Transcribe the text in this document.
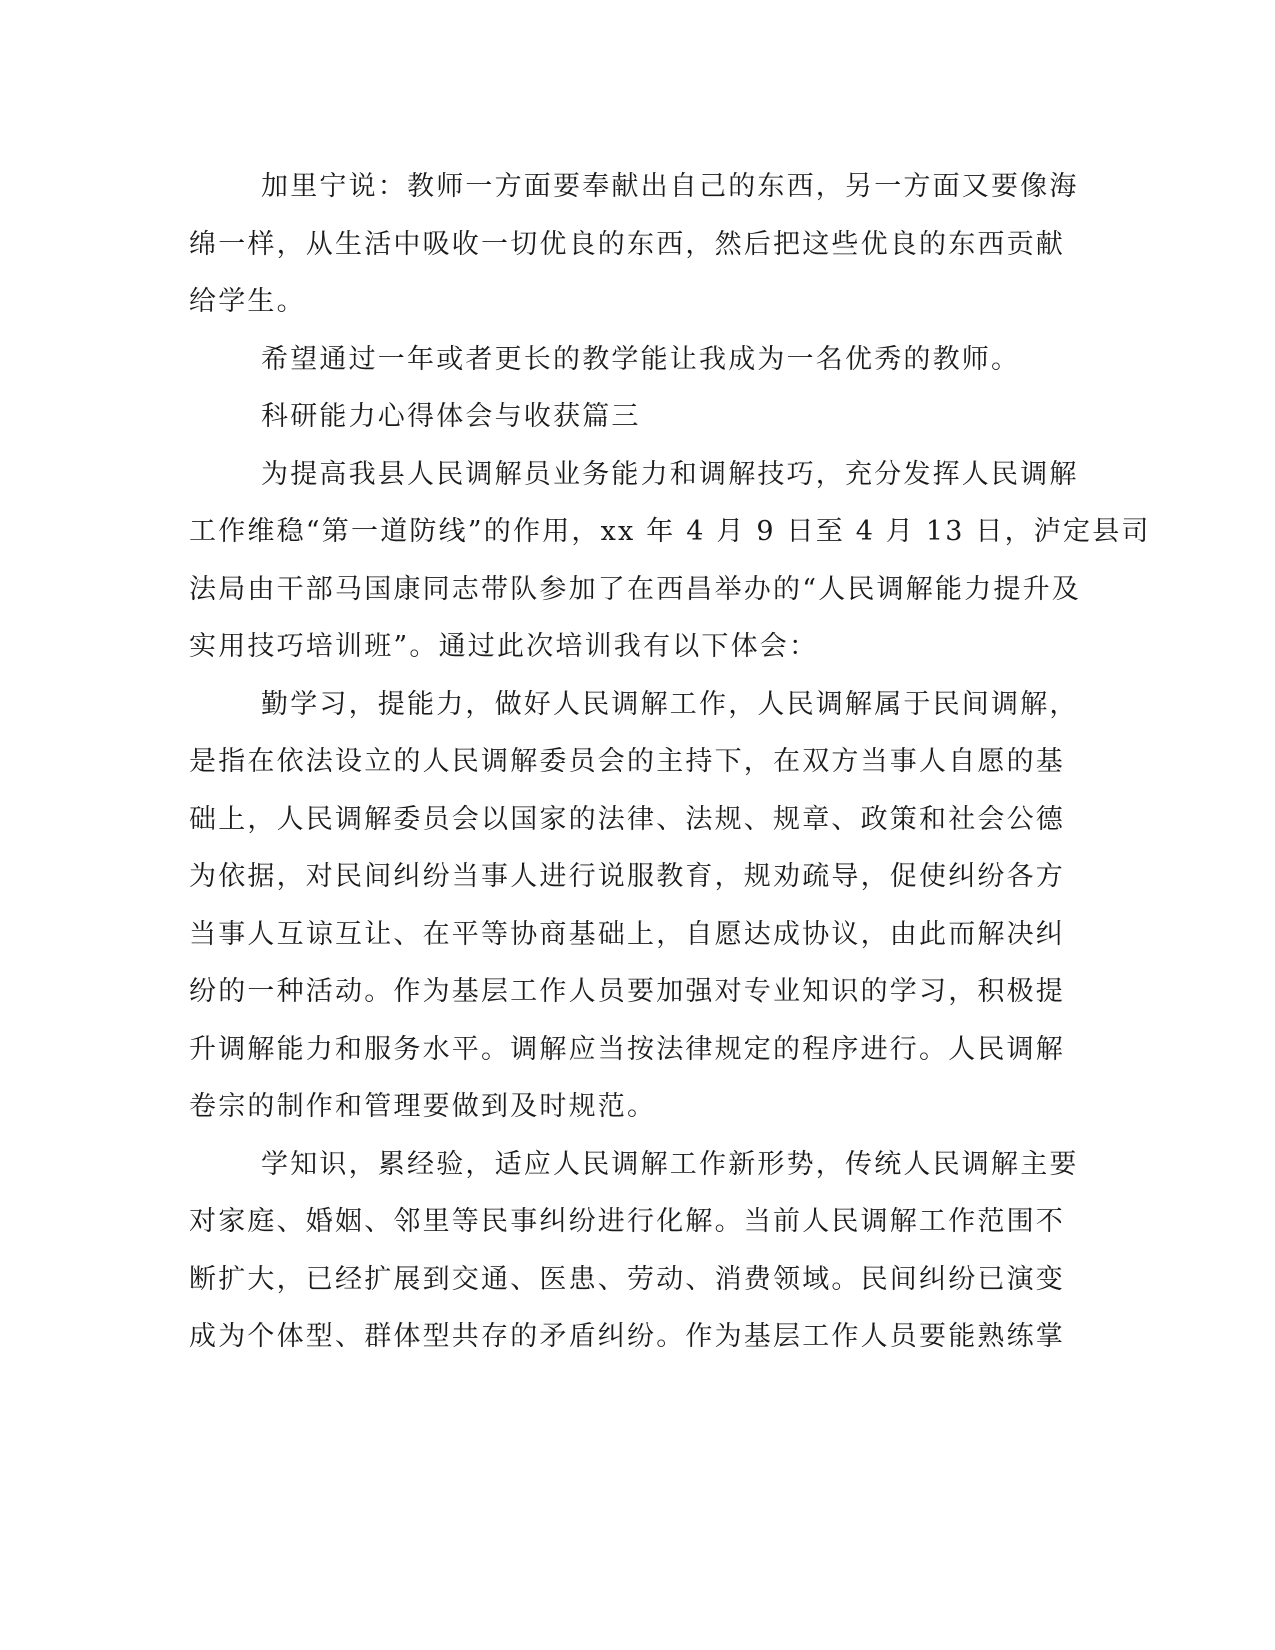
加里宁说：教师一方面要奉献出自己的东西，另一方面又要像海
绵一样，从生活中吸收一切优良的东西，然后把这些优良的东西贡献
给学生。
希望通过一年或者更长的教学能让我成为一名优秀的教师。
科研能力心得体会与收获篇三
为提高我县人民调解员业务能力和调解技巧，充分发挥人民调解
工作维稳“第一道防线”的作用，xx 年 4 月 9 日至 4 月 13 日，泸定县司
法局由干部马国康同志带队参加了在西昌举办的“人民调解能力提升及
实用技巧培训班”。通过此次培训我有以下体会：
勤学习，提能力，做好人民调解工作，人民调解属于民间调解，
是指在依法设立的人民调解委员会的主持下，在双方当事人自愿的基
础上，人民调解委员会以国家的法律、法规、规章、政策和社会公德
为依据，对民间纠纷当事人进行说服教育，规劝疏导，促使纠纷各方
当事人互谅互让、在平等协商基础上，自愿达成协议，由此而解决纠
纷的一种活动。作为基层工作人员要加强对专业知识的学习，积极提
升调解能力和服务水平。调解应当按法律规定的程序进行。人民调解
卷宗的制作和管理要做到及时规范。
学知识，累经验，适应人民调解工作新形势，传统人民调解主要
对家庭、婚姻、邻里等民事纠纷进行化解。当前人民调解工作范围不
断扩大，已经扩展到交通、医患、劳动、消费领域。民间纠纷已演变
成为个体型、群体型共存的矛盾纠纷。作为基层工作人员要能熟练掌
